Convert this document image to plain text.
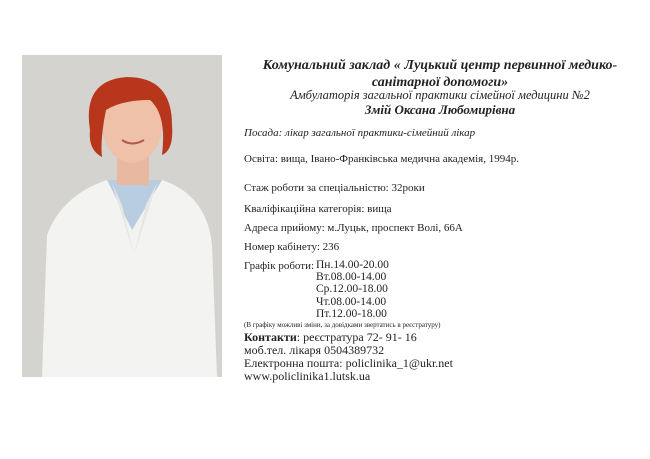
Комунальний заклад « Луцький центр первинної медико-
санітарної допомоги»
Амбулаторія загальної практики сімейної медицини №2
Змій Оксана Любомирівна
Посада: лікар загальної практики-сімейний лікар
Освіта: вища, Івано-Франківська медична академія, 1994р.
Стаж роботи за спеціальністю: 32роки
Кваліфікаційна категорія: вища
Адреса прийому: м.Луцьк, проспект Волі, 66А
Номер кабінету: 236
Графік роботи: Пн.14.00-20.00
Вт.08.00-14.00
Ср.12.00-18.00
Чт.08.00-14.00
Пт.12.00-18.00
(В графіку можливі зміни, за довідками звертатись в реєстратуру)
Контакти: реєстратура 72- 91- 16
моб.тел. лікаря 0504389732
Електронна пошта: policlinika_1@ukr.net
www.policlinika1.lutsk.ua
